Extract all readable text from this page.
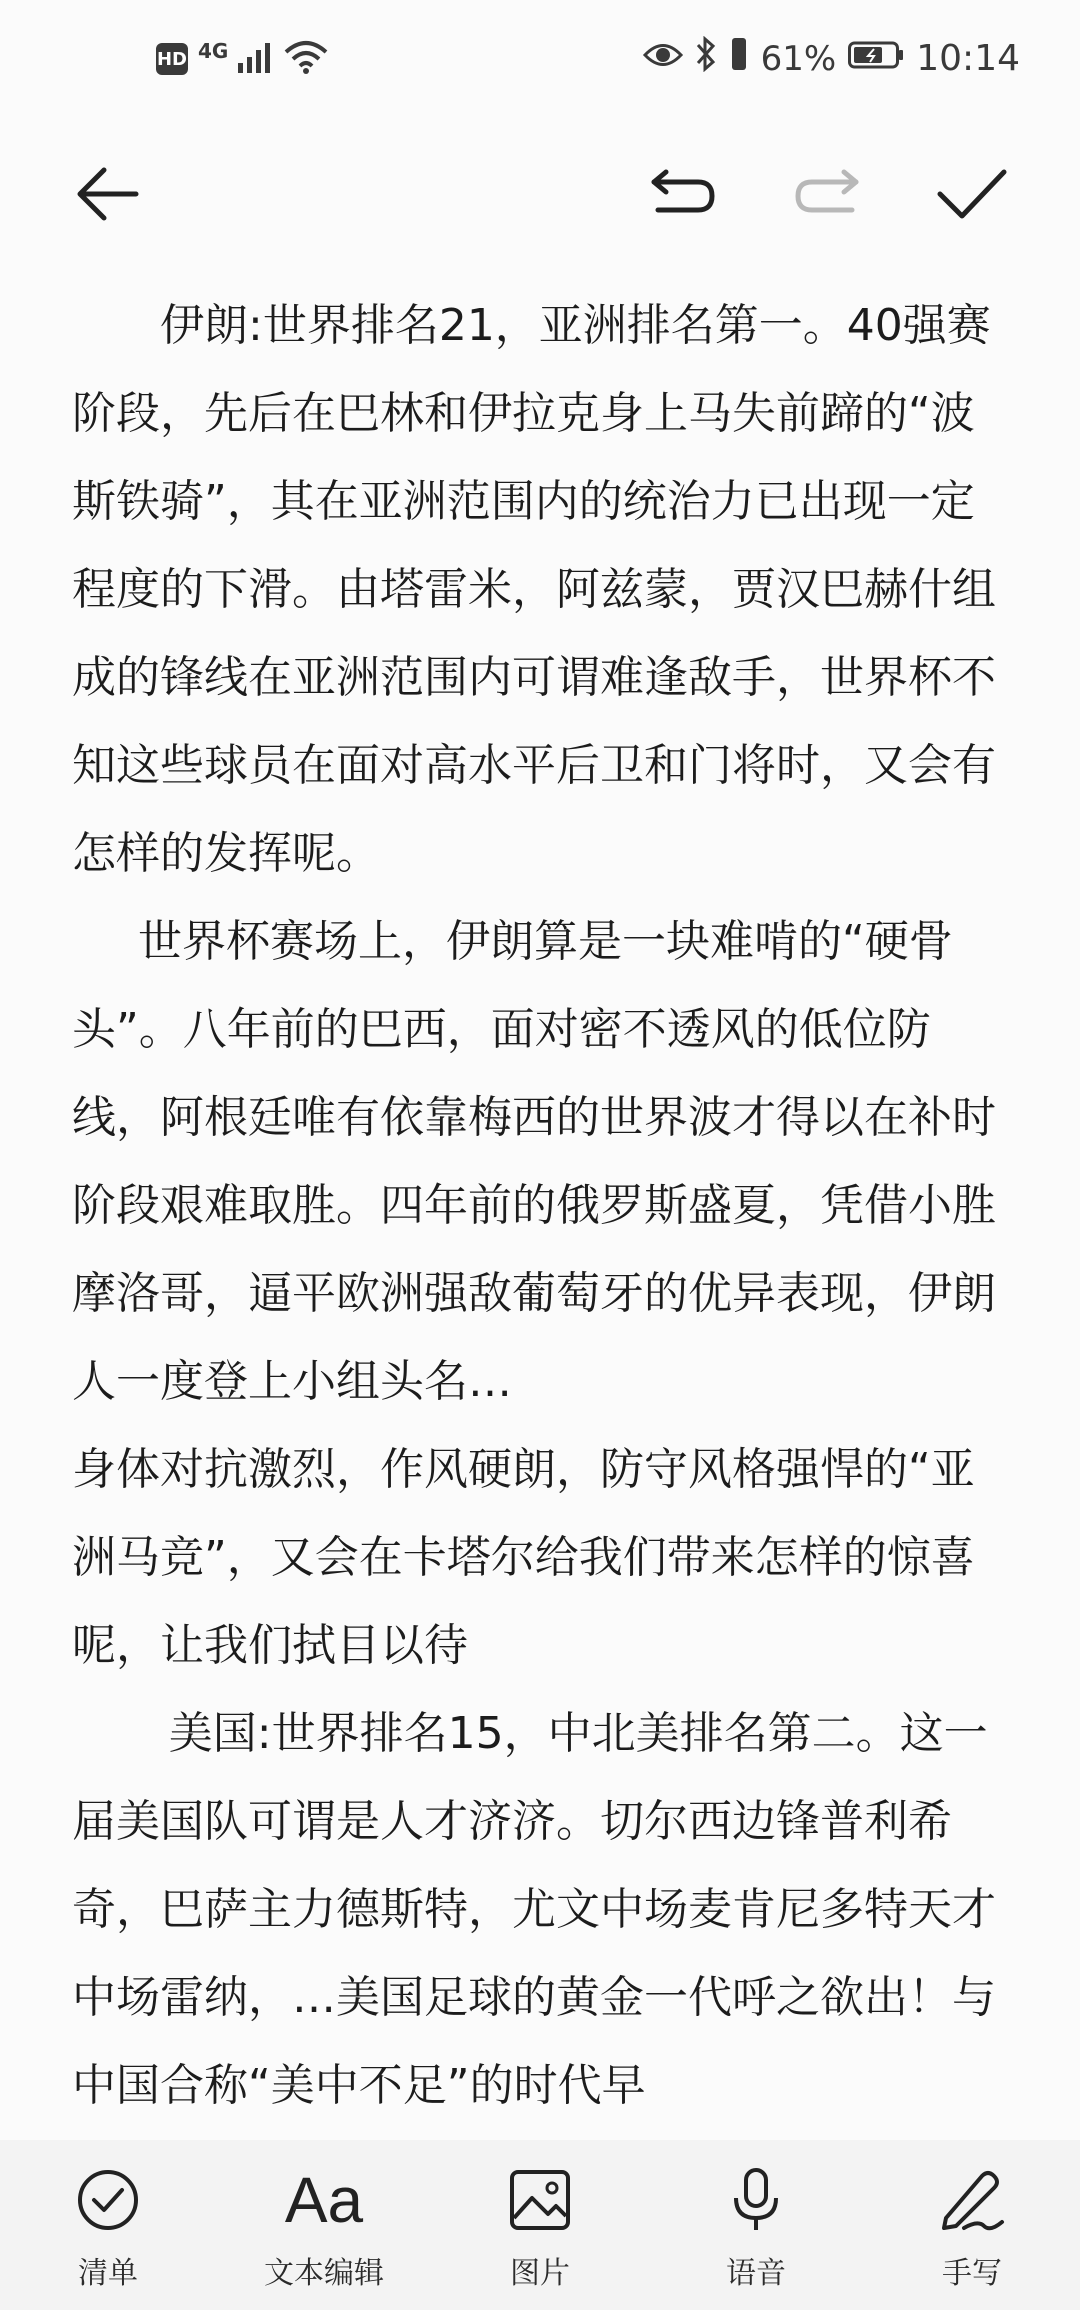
HD 4G	61% 10:14

伊朗:世界排名21，亚洲排名第一。40强赛阶段，先后在巴林和伊拉克身上马失前蹄的“波斯铁骑”，其在亚洲范围内的统治力已出现一定程度的下滑。由塔雷米，阿兹蒙，贾汉巴赫什组成的锋线在亚洲范围内可谓难逢敌手，世界杯不知这些球员在面对高水平后卫和门将时，又会有怎样的发挥呢。

世界杯赛场上，伊朗算是一块难啃的“硬骨头”。八年前的巴西，面对密不透风的低位防线，阿根廷唯有依靠梅西的世界波才得以在补时阶段艰难取胜。四年前的俄罗斯盛夏，凭借小胜摩洛哥，逼平欧洲强敌葡萄牙的优异表现，伊朗人一度登上小组头名…

身体对抗激烈，作风硬朗，防守风格强悍的“亚洲马竞”，又会在卡塔尔给我们带来怎样的惊喜呢，让我们拭目以待

美国:世界排名15，中北美排名第二。这一届美国队可谓是人才济济。切尔西边锋普利希奇，巴萨主力德斯特，尤文中场麦肯尼多特天才中场雷纳，…美国足球的黄金一代呼之欲出！与中国合称“美中不足”的时代早

清单
Aa
文本编辑	图片	语音	手写
